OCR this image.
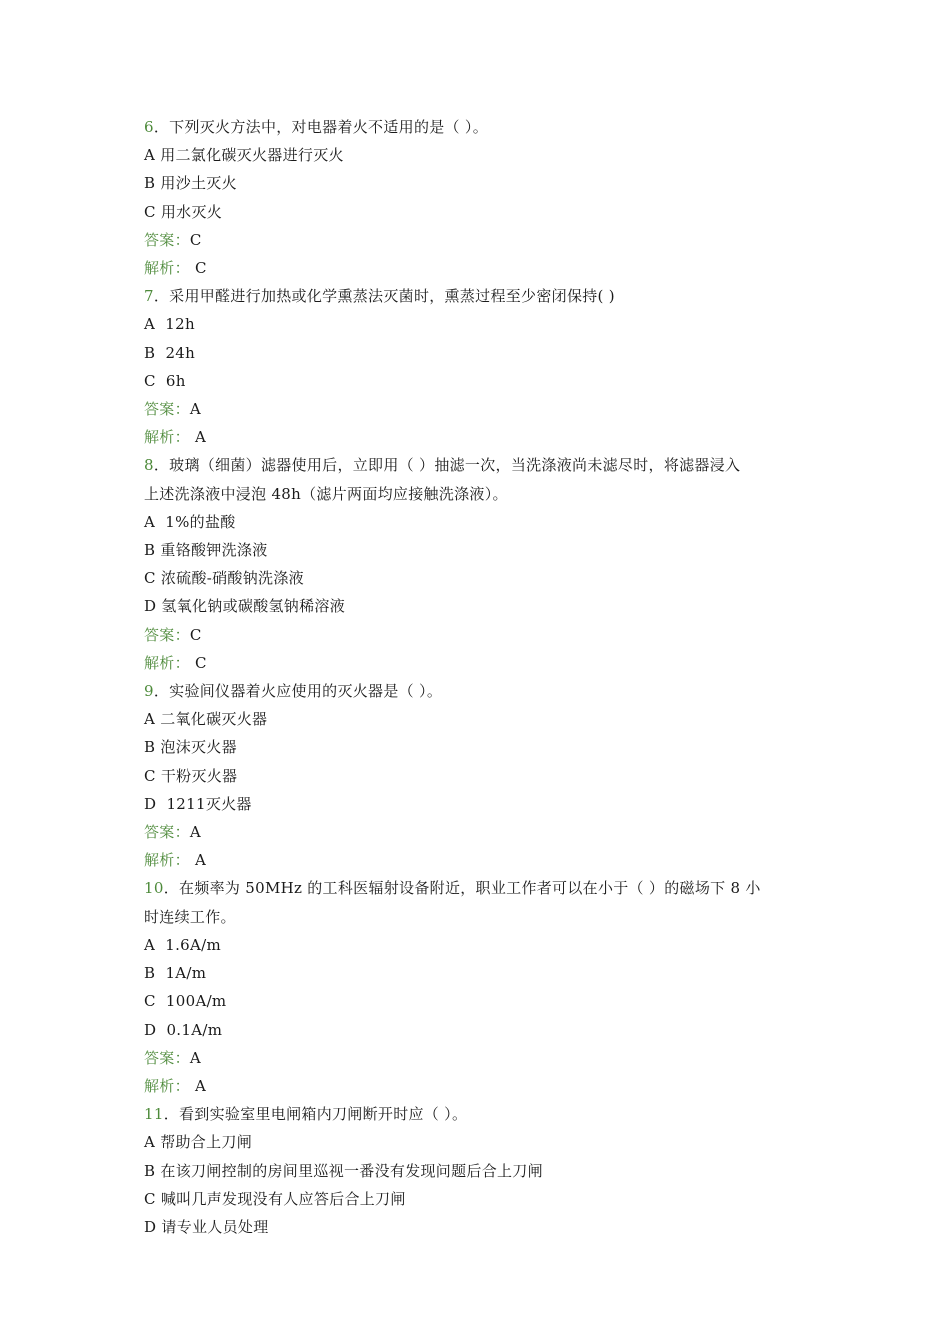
6．下列灭火方法中，对电器着火不适用的是（ ）。
A 用二氯化碳灭火器进行灭火
B 用沙土灭火
C 用水灭火
答案：C
解析： C
7．采用甲醛进行加热或化学熏蒸法灭菌时，熏蒸过程至少密闭保持( )
A  12h
B  24h
C  6h
答案：A
解析： A
8．玻璃（细菌）滤器使用后，立即用（ ）抽滤一次，当洗涤液尚未滤尽时，将滤器浸入
上述洗涤液中浸泡 48h（滤片两面均应接触洗涤液）。
A  1%的盐酸
B 重铬酸钾洗涤液
C 浓硫酸-硝酸钠洗涤液
D 氢氧化钠或碳酸氢钠稀溶液
答案：C
解析： C
9．实验间仪器着火应使用的灭火器是（ ）。
A 二氧化碳灭火器
B 泡沫灭火器
C 干粉灭火器
D  1211灭火器
答案：A
解析： A
10．在频率为 50MHz 的工科医辐射设备附近，职业工作者可以在小于（ ）的磁场下 8 小
时连续工作。
A  1.6A/m
B  1A/m
C  100A/m
D  0.1A/m
答案：A
解析： A
11．看到实验室里电闸箱内刀闸断开时应（ ）。
A 帮助合上刀闸
B 在该刀闸控制的房间里巡视一番没有发现问题后合上刀闸
C 喊叫几声发现没有人应答后合上刀闸
D 请专业人员处理
